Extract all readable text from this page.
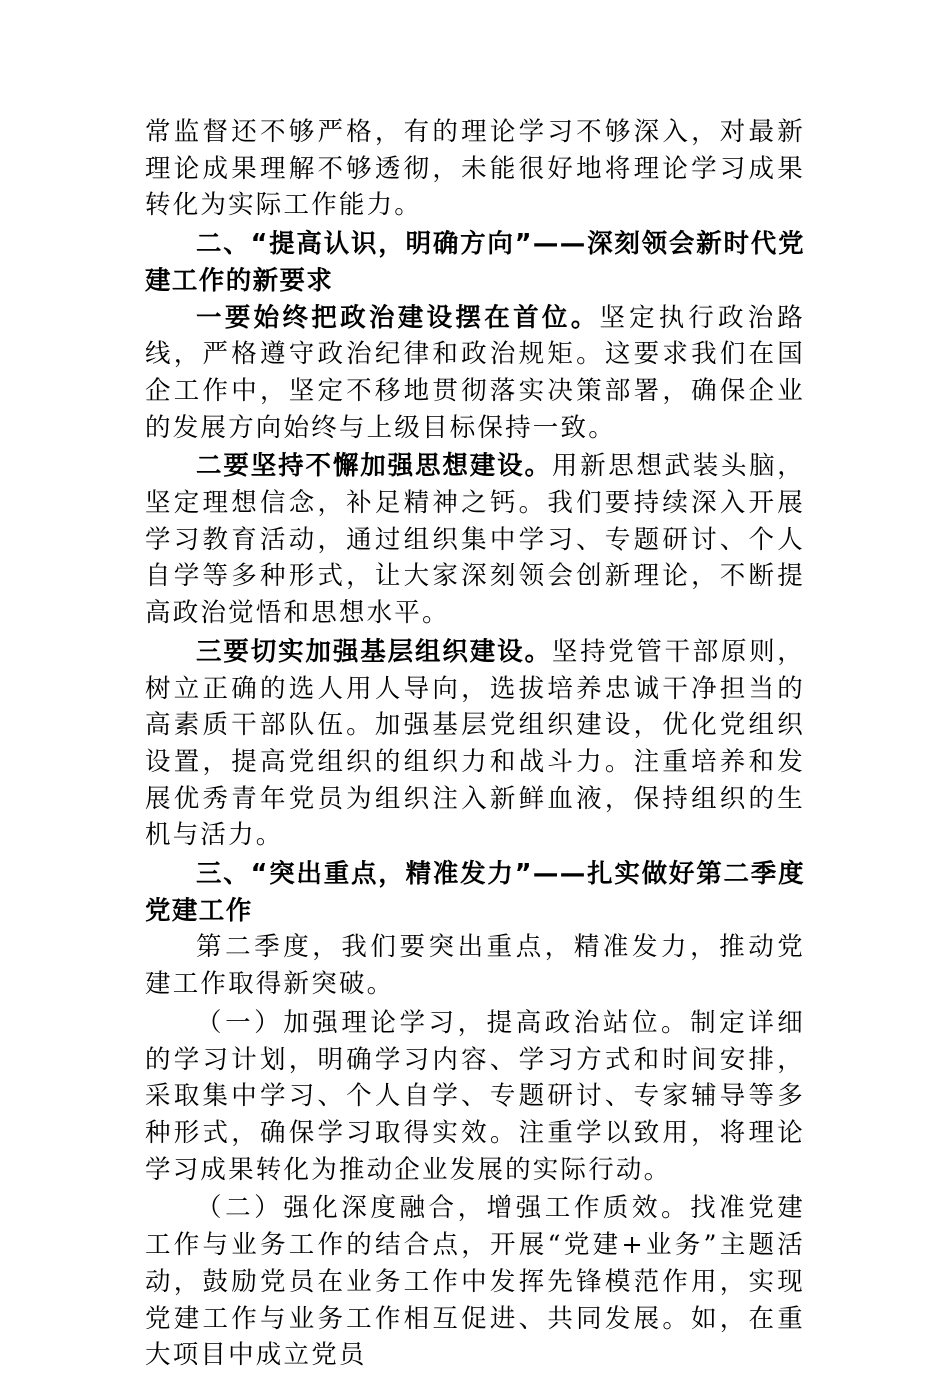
常监督还不够严格，有的理论学习不够深入，对最新理论成果理解不够透彻，未能很好地将理论学习成果转化为实际工作能力。

二、“提高认识，明确方向”——深刻领会新时代党建工作的新要求

一要始终把政治建设摆在首位。坚定执行政治路线，严格遵守政治纪律和政治规矩。这要求我们在国企工作中，坚定不移地贯彻落实决策部署，确保企业的发展方向始终与上级目标保持一致。

二要坚持不懈加强思想建设。用新思想武装头脑，坚定理想信念，补足精神之钙。我们要持续深入开展学习教育活动，通过组织集中学习、专题研讨、个人自学等多种形式，让大家深刻领会创新理论，不断提高政治觉悟和思想水平。

三要切实加强基层组织建设。坚持党管干部原则，树立正确的选人用人导向，选拔培养忠诚干净担当的高素质干部队伍。加强基层党组织建设，优化党组织设置，提高党组织的组织力和战斗力。注重培养和发展优秀青年党员为组织注入新鲜血液，保持组织的生机与活力。

三、“突出重点，精准发力”——扎实做好第二季度党建工作

第二季度，我们要突出重点，精准发力，推动党建工作取得新突破。

（一）加强理论学习，提高政治站位。制定详细的学习计划，明确学习内容、学习方式和时间安排，采取集中学习、个人自学、专题研讨、专家辅导等多种形式，确保学习取得实效。注重学以致用，将理论学习成果转化为推动企业发展的实际行动。

（二）强化深度融合，增强工作质效。找准党建工作与业务工作的结合点，开展“党建+业务”主题活动，鼓励党员在业务工作中发挥先锋模范作用，实现党建工作与业务工作相互促进、共同发展。如，在重大项目中成立党员
